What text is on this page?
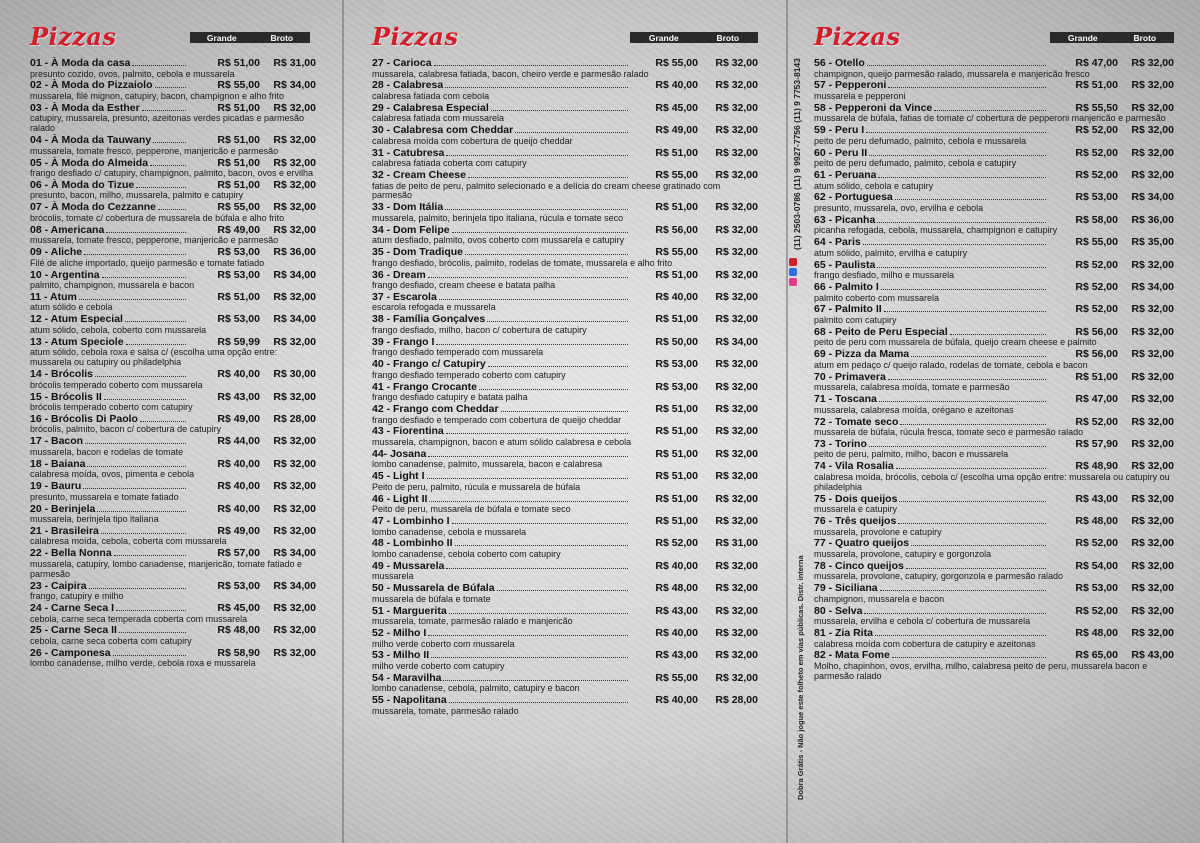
Pizzas	Grande	Broto
01 - À Moda da casa	R$ 51,00	R$ 31,00
presunto cozido, ovos, palmito, cebola e mussarela
02 - À Moda do Pizzaiolo	R$ 55,00	R$ 34,00
mussarela, filé mignon, catupiry, bacon, champignon e alho frito
03 - À Moda da Esther	R$ 51,00	R$ 32,00
catupiry, mussarela, presunto, azeitonas verdes picadas e parmesão ralado
04 - À Moda da Tauwany	R$ 51,00	R$ 32,00
mussarela, tomate fresco, pepperone, manjericão e parmesão
05 - À Moda do Almeida	R$ 51,00	R$ 32,00
frango desfiado c/ catupiry, champignon, palmito, bacon, ovos e ervilha
06 - À Moda do Tizue	R$ 51,00	R$ 32,00
presunto, bacon, milho, mussarela, palmito e catupiry
07 - À Moda do Cezzanne	R$ 55,00	R$ 32,00
brócolis, tomate c/ cobertura de mussarela de búfala e alho frito
08 - Americana	R$ 49,00	R$ 32,00
mussarela, tomate fresco, pepperone, manjericão e parmesão
09 - Aliche	R$ 53,00	R$ 36,00
Filé de aliche importado, queijo parmesão e tomate fatiado
10 - Argentina	R$ 53,00	R$ 34,00
palmito, champignon, mussarela e bacon
11 - Atum	R$ 51,00	R$ 32,00
atum sólido e cebola
12 - Atum Especial	R$ 53,00	R$ 34,00
atum sólido, cebola, coberto com mussarela
13 - Atum Speciole	R$ 59,99	R$ 32,00
atum sólido, cebola roxa e salsa c/ (escolha uma opção entre: mussarela ou catupiry ou philadelphia
14 - Brócolis	R$ 40,00	R$ 30,00
brócolis temperado coberto com mussarela
15 - Brócolis II	R$ 43,00	R$ 32,00
brócolis temperado coberto com catupiry
16 - Brócolis Di Paolo	R$ 49,00	R$ 28,00
brócolis, palmito, bacon c/ cobertura de catupiry
17 - Bacon	R$ 44,00	R$ 32,00
mussarela, bacon e rodelas de tomate
18 - Baiana	R$ 40,00	R$ 32,00
calabresa moída, ovos, pimenta e cebola
19 - Bauru	R$ 40,00	R$ 32,00
presunto, mussarela e tomate fatiado
20 - Berinjela	R$ 40,00	R$ 32,00
mussarela, berinjela tipo italiana
21 - Brasileira	R$ 49,00	R$ 32,00
calabresa moída, cebola, coberta com mussarela
22 - Bella Nonna	R$ 57,00	R$ 34,00
mussarela, catupiry, lombo canadense, manjericão, tomate fatiado e parmesão
23 - Caipira	R$ 53,00	R$ 34,00
frango, catupiry e milho
24 - Carne Seca I	R$ 45,00	R$ 32,00
cebola, carne seca temperada coberta com mussarela
25 - Carne Seca II	R$ 48,00	R$ 32,00
cebola, carne seca coberta com catupiry
26 - Camponesa	R$ 58,90	R$ 32,00
lombo canadense, milho verde, cebola roxa e mussarela
Pizzas	Grande	Broto
27 - Carioca	R$ 55,00	R$ 32,00
mussarela, calabresa fatiada, bacon, cheiro verde e parmesão ralado
28 - Calabresa	R$ 40,00	R$ 32,00
calabresa fatiada com cebola
29 - Calabresa Especial	R$ 45,00	R$ 32,00
calabresa fatiada com mussarela
30 - Calabresa com Cheddar	R$ 49,00	R$ 32,00
calabresa moída com cobertura de queijo cheddar
31 - Catubresa	R$ 51,00	R$ 32,00
calabresa fatiada coberta com catupiry
32 - Cream Cheese	R$ 55,00	R$ 32,00
fatias de peito de peru, palmito selecionado e a delícia do cream cheese gratinado com parmesão
33 - Dom Itália	R$ 51,00	R$ 32,00
mussarela, palmito, berinjela tipo italiana, rúcula e tomate seco
34 - Dom Felipe	R$ 56,00	R$ 32,00
atum desfiado, palmito, ovos coberto com mussarela e catupiry
35 - Dom Tradique	R$ 55,00	R$ 32,00
frango desfiado, brócolis, palmito, rodelas de tomate, mussarela e alho frito
36 - Dream	R$ 51,00	R$ 32,00
frango desfiado, cream cheese e batata palha
37 - Escarola	R$ 40,00	R$ 32,00
escarola refogada e mussarela
38 - Família Gonçalves	R$ 51,00	R$ 32,00
frango desfiado, milho, bacon c/ cobertura de catupiry
39 - Frango I	R$ 50,00	R$ 34,00
frango desfiado temperado com mussarela
40 - Frango c/ Catupiry	R$ 53,00	R$ 32,00
frango desfiado temperado coberto com catupiry
41 - Frango Crocante	R$ 53,00	R$ 32,00
frango desfiado catupiry e batata palha
42 - Frango com Cheddar	R$ 51,00	R$ 32,00
frango desfiado e temperado com cobertura de queijo cheddar
43 - Fiorentina	R$ 51,00	R$ 32,00
mussarela, champignon, bacon e atum sólido calabresa e cebola
44- Josana	R$ 51,00	R$ 32,00
lombo canadense, palmito, mussarela, bacon e calabresa
45 - Light I	R$ 51,00	R$ 32,00
Peito de peru, palmito, rúcula e mussarela de búfala
46 - Light II	R$ 51,00	R$ 32,00
Peito de peru, mussarela de búfala e tomate seco
47 - Lombinho I	R$ 51,00	R$ 32,00
lombo canadense, cebola e mussarela
48 - Lombinho II	R$ 52,00	R$ 31,00
lombo canadense, cebola coberto com catupiry
49 - Mussarela	R$ 40,00	R$ 32,00
mussarela
50 - Mussarela de Búfala	R$ 48,00	R$ 32,00
mussarela de búfala e tomate
51 - Marguerita	R$ 43,00	R$ 32,00
mussarela, tomate, parmesão ralado e manjericão
52 - Milho I	R$ 40,00	R$ 32,00
milho verde coberto com mussarela
53 - Milho II	R$ 43,00	R$ 32,00
milho verde coberto com catupiry
54 - Maravilha	R$ 55,00	R$ 32,00
lombo canadense, cebola, palmito, catupiry e bacon
55 - Napolitana	R$ 40,00	R$ 28,00
mussarela, tomate, parmesão ralado
Pizzas	Grande	Broto
56 - Otello	R$ 47,00	R$ 32,00
champignon, queijo parmesão ralado, mussarela e manjericão fresco
57 - Pepperoni	R$ 51,00	R$ 32,00
mussarela e pepperoni
58 - Pepperoni da Vince	R$ 55,50	R$ 32,00
mussarela de búfala, fatias de tomate c/ cobertura de pepperoni manjericão e parmesão
59 - Peru I	R$ 52,00	R$ 32,00
peito de peru defumado, palmito, cebola e mussarela
60 - Peru II	R$ 52,00	R$ 32,00
peito de peru defumado, palmito, cebola e catupiry
61 - Peruana	R$ 52,00	R$ 32,00
atum sólido, cebola e catupiry
62 - Portuguesa	R$ 53,00	R$ 34,00
presunto, mussarela, ovo, ervilha e cebola
63 - Picanha	R$ 58,00	R$ 36,00
picanha refogada, cebola, mussarela, champignon e catupiry
64 - Paris	R$ 55,00	R$ 35,00
atum sólido, palmito, ervilha e catupiry
65 - Paulista	R$ 52,00	R$ 32,00
frango desfiado, milho e mussarela
66 - Palmito I	R$ 52,00	R$ 34,00
palmito coberto com mussarela
67 - Palmito II	R$ 52,00	R$ 32,00
palmito com catupiry
68 - Peito de Peru Especial	R$ 56,00	R$ 32,00
peito de peru com mussarela de búfala, queijo cream cheese e palmito
69 - Pizza da Mama	R$ 56,00	R$ 32,00
atum em pedaço c/ queijo ralado, rodelas de tomate, cebola e bacon
70 - Primavera	R$ 51,00	R$ 32,00
mussarela, calabresa moída, tomate e parmesão
71 - Toscana	R$ 47,00	R$ 32,00
mussarela, calabresa moída, orégano e azeitonas
72 - Tomate seco	R$ 52,00	R$ 32,00
mussarela de búfala, rúcula fresca, tomate seco e parmesão ralado
73 - Torino	R$ 57,90	R$ 32,00
peito de peru, palmito, milho, bacon e mussarela
74 - Vila Rosalia	R$ 48,90	R$ 32,00
calabresa moída, brócolis, cebola c/ (escolha uma opção entre: mussarela ou catupiry ou philadelphia
75 - Dois queijos	R$ 43,00	R$ 32,00
mussarela e catupiry
76 - Três queijos	R$ 48,00	R$ 32,00
mussarela, provolone e catupiry
77 - Quatro queijos	R$ 52,00	R$ 32,00
mussarela, provolone, catupiry e gorgonzola
78 - Cinco queijos	R$ 54,00	R$ 32,00
mussarela, provolone, catupiry, gorgonzola e parmesão ralado
79 - Siciliana	R$ 53,00	R$ 32,00
champignon, mussarela e bacon
80 - Selva	R$ 52,00	R$ 32,00
mussarela, ervilha e cebola c/ cobertura de mussarela
81 - Zia Rita	R$ 48,00	R$ 32,00
calabresa moída com cobertura de catupiry e azeitonas
82 - Mata Fome	R$ 65,00	R$ 43,00
Molho, chapinhon, ovos, ervilha, milho, calabresa peito de peru, mussarela bacon e parmesão ralado
(11) 2503-0786 (11) 9 9927-7756 (11) 9 7753-8143
Dobra Grátis - Não jogue este folheto em vias públicas. Distr. interna
